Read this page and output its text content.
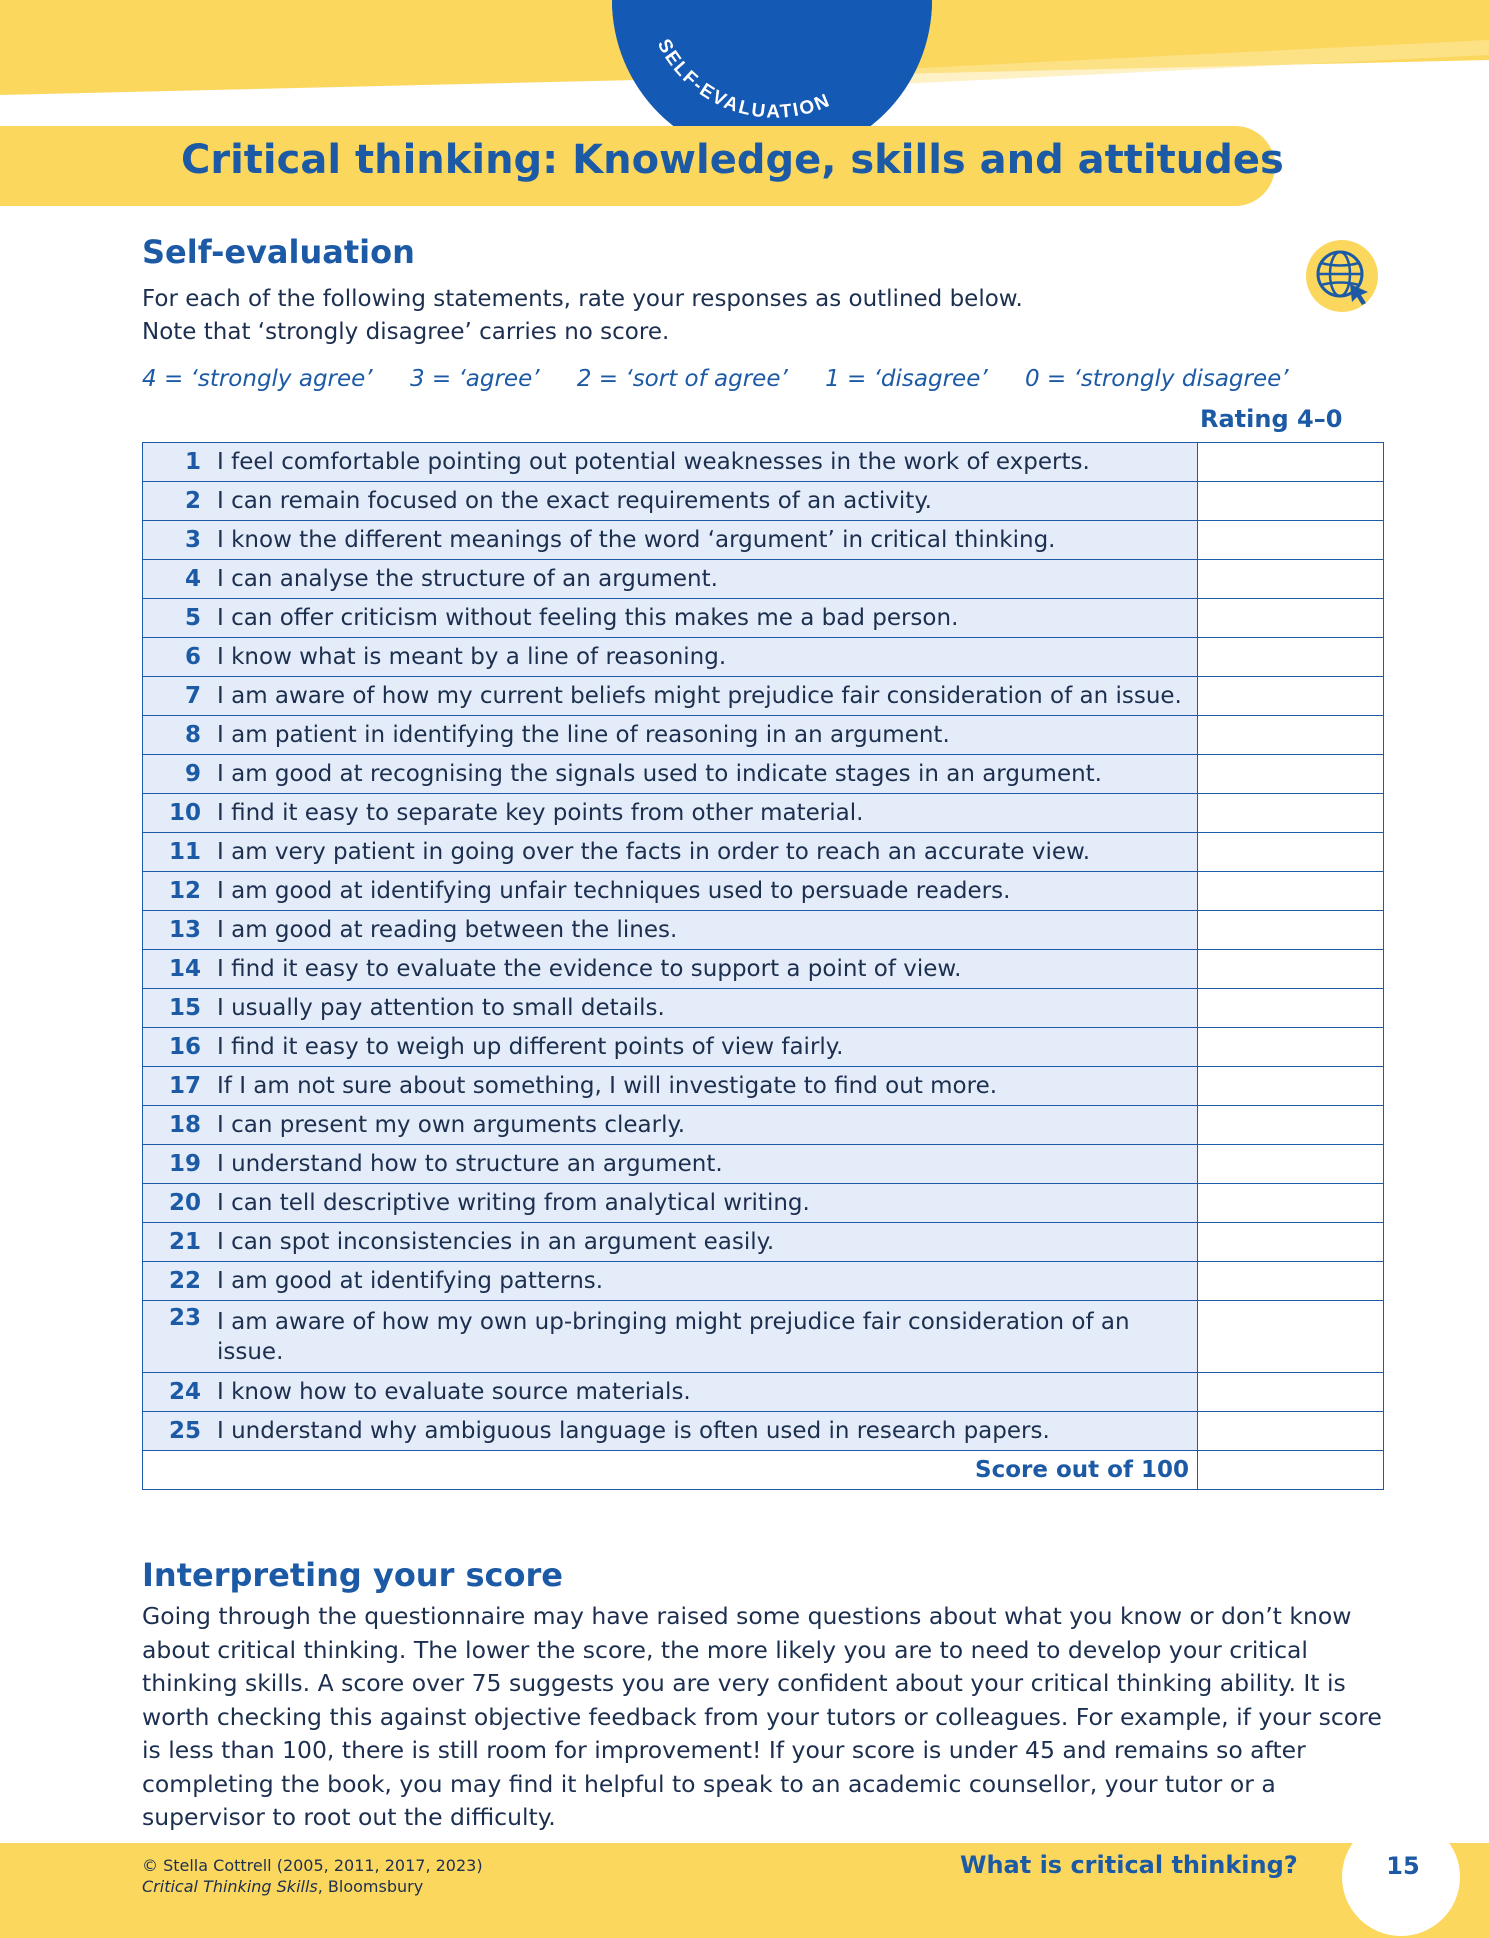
SELF-EVALUATION
Critical thinking: Knowledge, skills and attitudes
Self-evaluation
For each of the following statements, rate your responses as outlined below.
Note that ‘strongly disagree’ carries no score.
4 = ‘strongly agree’ 3 = ‘agree’ 2 = ‘sort of agree’ 1 = ‘disagree’ 0 = ‘strongly disagree’
Rating 4–0
1	I feel comfortable pointing out potential weaknesses in the work of experts.	
2	I can remain focused on the exact requirements of an activity.	
3	I know the different meanings of the word ‘argument’ in critical thinking.	
4	I can analyse the structure of an argument.	
5	I can offer criticism without feeling this makes me a bad person.	
6	I know what is meant by a line of reasoning.	
7	I am aware of how my current beliefs might prejudice fair consideration of an issue.	
8	I am patient in identifying the line of reasoning in an argument.	
9	I am good at recognising the signals used to indicate stages in an argument.	
10	I find it easy to separate key points from other material.	
11	I am very patient in going over the facts in order to reach an accurate view.	
12	I am good at identifying unfair techniques used to persuade readers.	
13	I am good at reading between the lines.	
14	I find it easy to evaluate the evidence to support a point of view.	
15	I usually pay attention to small details.	
16	I find it easy to weigh up different points of view fairly.	
17	If I am not sure about something, I will investigate to find out more.	
18	I can present my own arguments clearly.	
19	I understand how to structure an argument.	
20	I can tell descriptive writing from analytical writing.	
21	I can spot inconsistencies in an argument easily.	
22	I am good at identifying patterns.	
23	I am aware of how my own up-bringing might prejudice fair consideration of an issue.	
24	I know how to evaluate source materials.	
25	I understand why ambiguous language is often used in research papers.	
Score out of 100		
Interpreting your score
Going through the questionnaire may have raised some questions about what you know or don’t know about critical thinking. The lower the score, the more likely you are to need to develop your critical thinking skills. A score over 75 suggests you are very confident about your critical thinking ability. It is worth checking this against objective feedback from your tutors or colleagues. For example, if your score is less than 100, there is still room for improvement! If your score is under 45 and remains so after completing the book, you may find it helpful to speak to an academic counsellor, your tutor or a supervisor to root out the difficulty.
15
What is critical thinking?
© Stella Cottrell (2005, 2011, 2017, 2023)
Critical Thinking Skills, Bloomsbury
